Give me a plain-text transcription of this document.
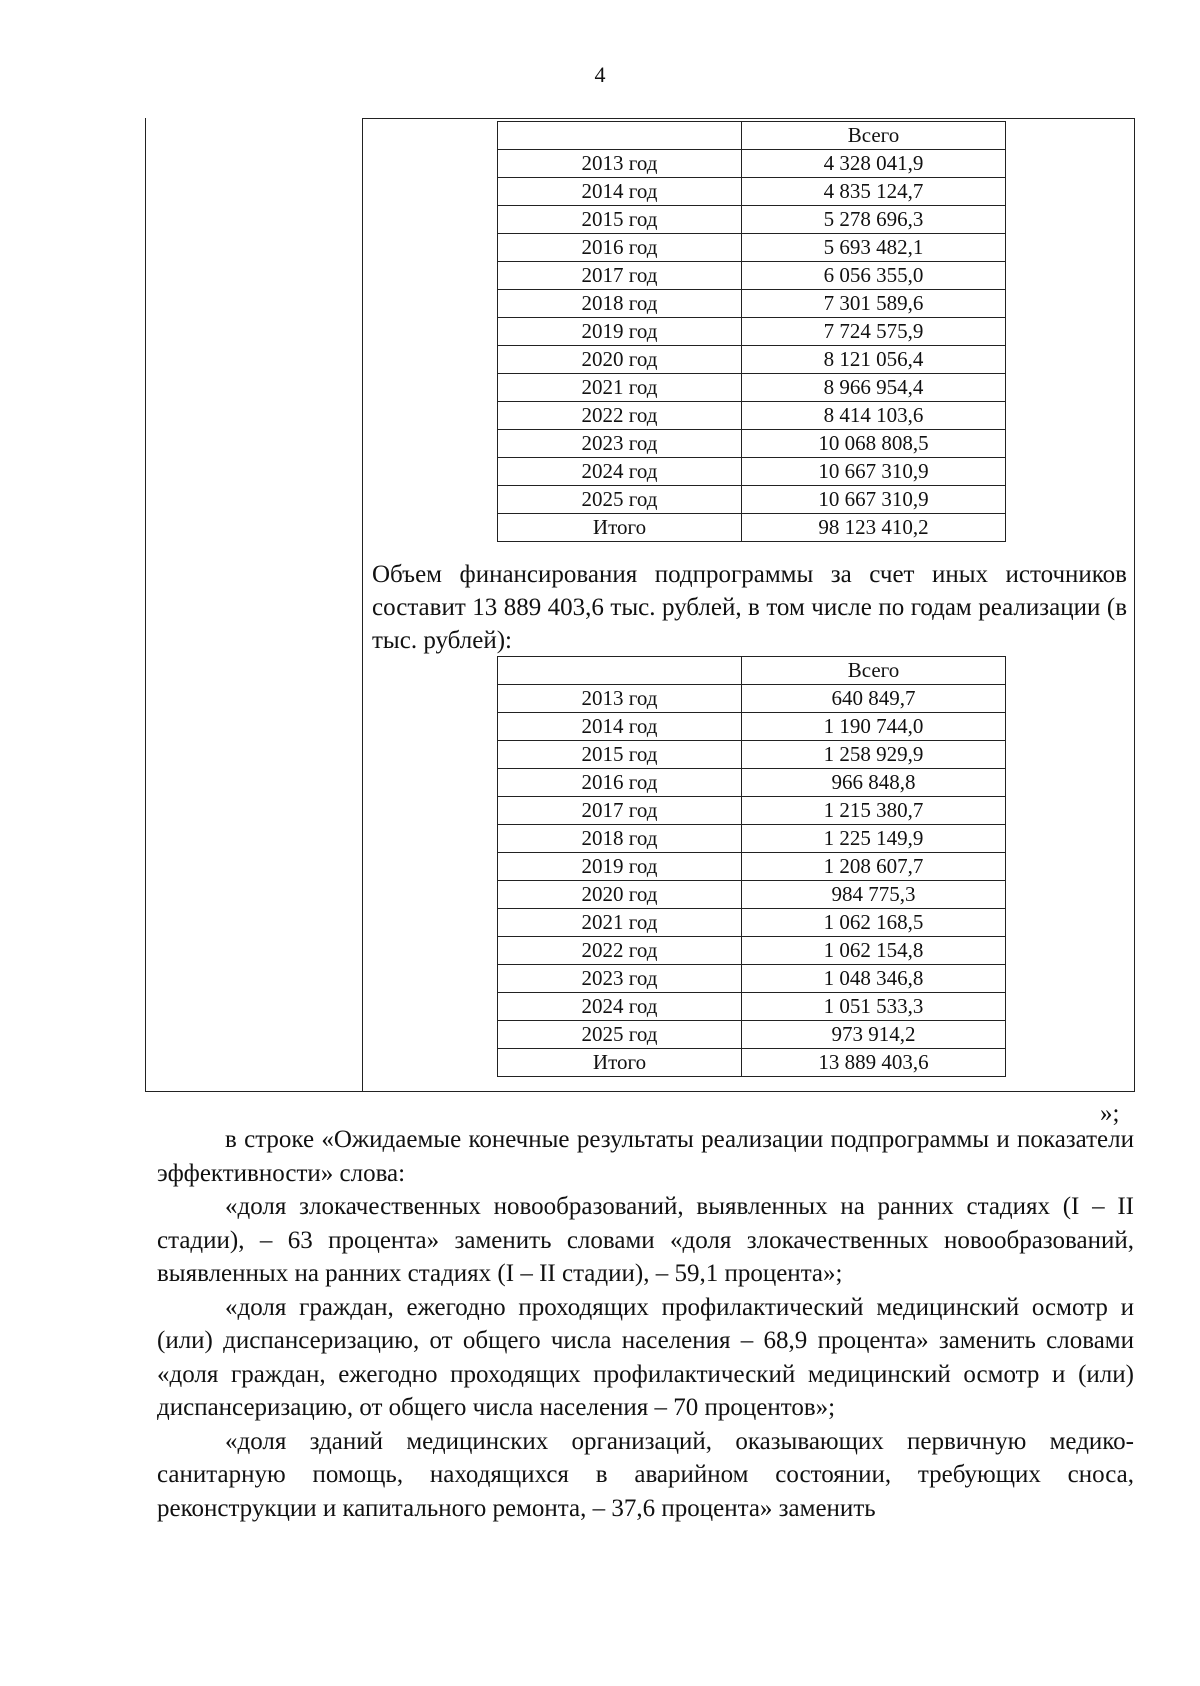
4
	Всего
2013 год	4 328 041,9
2014 год	4 835 124,7
2015 год	5 278 696,3
2016 год	5 693 482,1
2017 год	6 056 355,0
2018 год	7 301 589,6
2019 год	7 724 575,9
2020 год	8 121 056,4
2021 год	8 966 954,4
2022 год	8 414 103,6
2023 год	10 068 808,5
2024 год	10 667 310,9
2025 год	10 667 310,9
Итого	98 123 410,2
Объем финансирования подпрограммы за счет иных источников составит 13 889 403,6 тыс. рублей, в том числе по годам реализации (в тыс. рублей):
	Всего
2013 год	640 849,7
2014 год	1 190 744,0
2015 год	1 258 929,9
2016 год	966 848,8
2017 год	1 215 380,7
2018 год	1 225 149,9
2019 год	1 208 607,7
2020 год	984 775,3
2021 год	1 062 168,5
2022 год	1 062 154,8
2023 год	1 048 346,8
2024 год	1 051 533,3
2025 год	973 914,2
Итого	13 889 403,6
»;

в строке «Ожидаемые конечные результаты реализации подпрограммы и показатели эффективности» слова:

«доля злокачественных новообразований, выявленных на ранних стадиях (I – II стадии), – 63 процента» заменить словами «доля злокачественных новообразований, выявленных на ранних стадиях (I – II стадии), – 59,1 процента»;

«доля граждан, ежегодно проходящих профилактический медицинский осмотр и (или) диспансеризацию, от общего числа населения – 68,9 процента» заменить словами «доля граждан, ежегодно проходящих профилактический медицинский осмотр и (или) диспансеризацию, от общего числа населения – 70 процентов»;

«доля зданий медицинских организаций, оказывающих первичную медико-санитарную помощь, находящихся в аварийном состоянии, требующих сноса, реконструкции и капитального ремонта, – 37,6 процента» заменить
